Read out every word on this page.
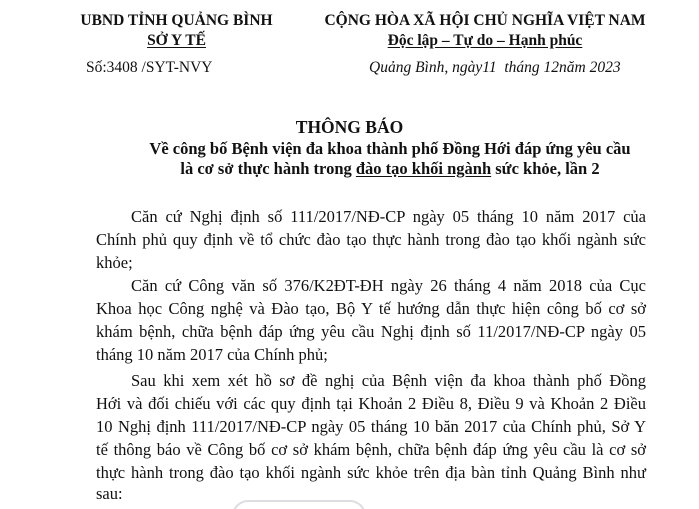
UBND TỈNH QUẢNG BÌNH
SỞ Y TẾ
CỘNG HÒA XÃ HỘI CHỦ NGHĨA VIỆT NAM
Độc lập – Tự do – Hạnh phúc
Số:3408 /SYT-NVY	Quảng Bình, ngày11 tháng 12năm 2023
THÔNG BÁO
Về công bố Bệnh viện đa khoa thành phố Đồng Hới đáp ứng yêu cầu
là cơ sở thực hành trong đào tạo khối ngành sức khỏe, lần 2
Căn cứ Nghị định số 111/2017/NĐ-CP ngày 05 tháng 10 năm 2017 của
Chính phủ quy định về tổ chức đào tạo thực hành trong đào tạo khối ngành sức
khỏe;
Căn cứ Công văn số 376/K2ĐT-ĐH ngày 26 tháng 4 năm 2018 của Cục
Khoa học Công nghệ và Đào tạo, Bộ Y tế hướng dẫn thực hiện công bố cơ sở
khám bệnh, chữa bệnh đáp ứng yêu cầu Nghị định số 11/2017/NĐ-CP ngày 05
tháng 10 năm 2017 của Chính phủ;
Sau khi xem xét hồ sơ đề nghị của Bệnh viện đa khoa thành phố Đồng
Hới và đối chiếu với các quy định tại Khoản 2 Điều 8, Điều 9 và Khoản 2 Điều
10 Nghị định 111/2017/NĐ-CP ngày 05 tháng 10 băn 2017 của Chính phủ, Sở Y
tế thông báo về Công bố cơ sở khám bệnh, chữa bệnh đáp ứng yêu cầu là cơ sở
thực hành trong đào tạo khối ngành sức khỏe trên địa bàn tỉnh Quảng Bình như
sau:
